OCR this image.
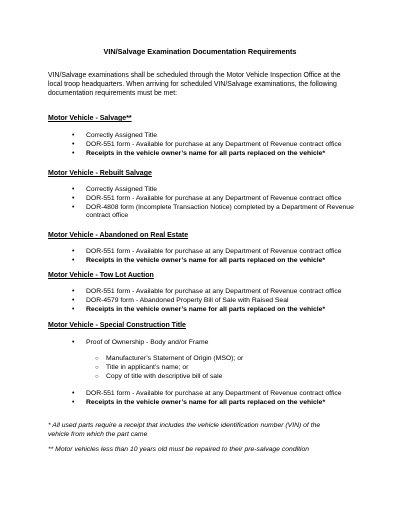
VIN/Salvage Examination Documentation Requirements
VIN/Salvage examinations shall be scheduled through the Motor Vehicle Inspection Office at the
local troop headquarters. When arriving for scheduled VIN/Salvage examinations, the following
documentation requirements must be met:
Motor Vehicle - Salvage**
• Correctly Assigned Title
• DOR-551 form - Available for purchase at any Department of Revenue contract office
• Receipts in the vehicle owner’s name for all parts replaced on the vehicle*
Motor Vehicle - Rebuilt Salvage
• Correctly Assigned Title
• DOR-551 form - Available for purchase at any Department of Revenue contract office
• DOR-4808 form (Incomplete Transaction Notice) completed by a Department of Revenue contract office
Motor Vehicle - Abandoned on Real Estate
• DOR-551 form - Available for purchase at any Department of Revenue contract office
• Receipts in the vehicle owner’s name for all parts replaced on the vehicle*
Motor Vehicle - Tow Lot Auction
• DOR-551 form - Available for purchase at any Department of Revenue contract office
• DOR-4579 form - Abandoned Property Bill of Sale with Raised Seal
• Receipts in the vehicle owner’s name for all parts replaced on the vehicle*
Motor Vehicle - Special Construction Title
• Proof of Ownership - Body and/or Frame
○ Manufacturer’s Statement of Origin (MSO); or
○ Title in applicant’s name; or
○ Copy of title with descriptive bill of sale
• DOR-551 form - Available for purchase at any Department of Revenue contract office
• Receipts in the vehicle owner’s name for all parts replaced on the vehicle*
* All used parts require a receipt that includes the vehicle identification number (VIN) of the vehicle from which the part came
** Motor vehicles less than 10 years old must be repaired to their pre-salvage condition
